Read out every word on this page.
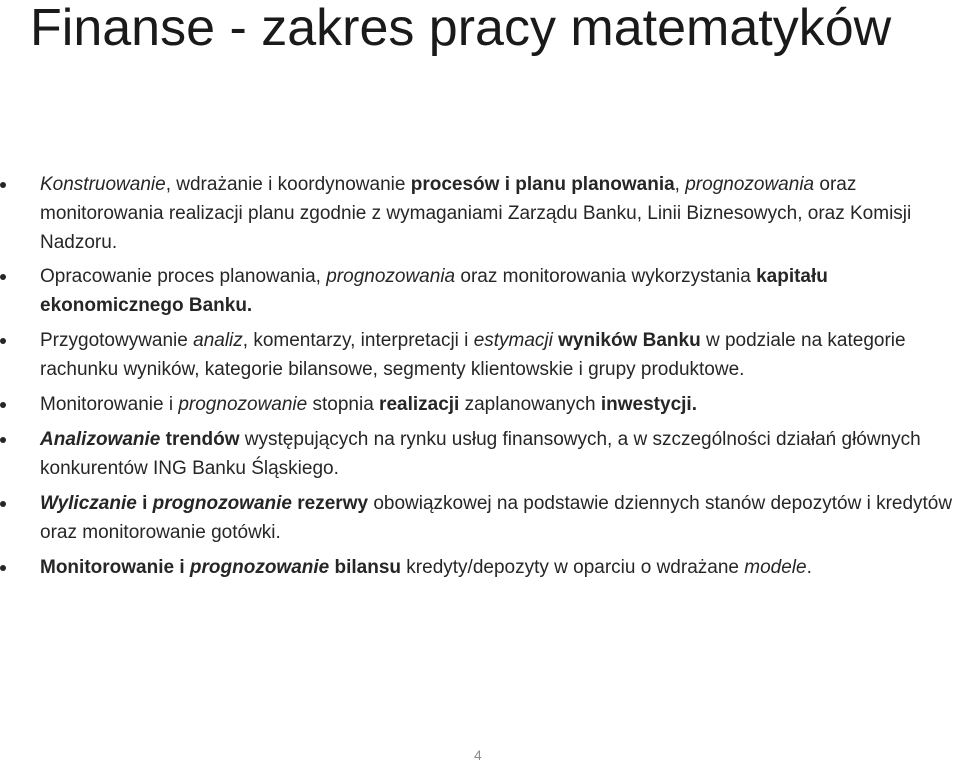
Finanse - zakres pracy matematyków
Konstruowanie, wdrażanie i koordynowanie procesów i planu planowania, prognozowania oraz monitorowania realizacji planu zgodnie z wymaganiami Zarządu Banku, Linii Biznesowych, oraz Komisji Nadzoru.
Opracowanie proces planowania, prognozowania oraz monitorowania wykorzystania kapitału ekonomicznego Banku.
Przygotowywanie analiz, komentarzy, interpretacji i estymacji wyników Banku w podziale na kategorie rachunku wyników, kategorie bilansowe, segmenty klientowskie i grupy produktowe.
Monitorowanie i prognozowanie stopnia realizacji zaplanowanych inwestycji.
Analizowanie trendów występujących na rynku usług finansowych, a w szczególności działań głównych konkurentów ING Banku Śląskiego.
Wyliczanie i prognozowanie rezerwy obowiązkowej na podstawie dziennych stanów depozytów i kredytów oraz monitorowanie gotówki.
Monitorowanie i prognozowanie bilansu kredyty/depozyty w oparciu o wdrażane modele.
4
